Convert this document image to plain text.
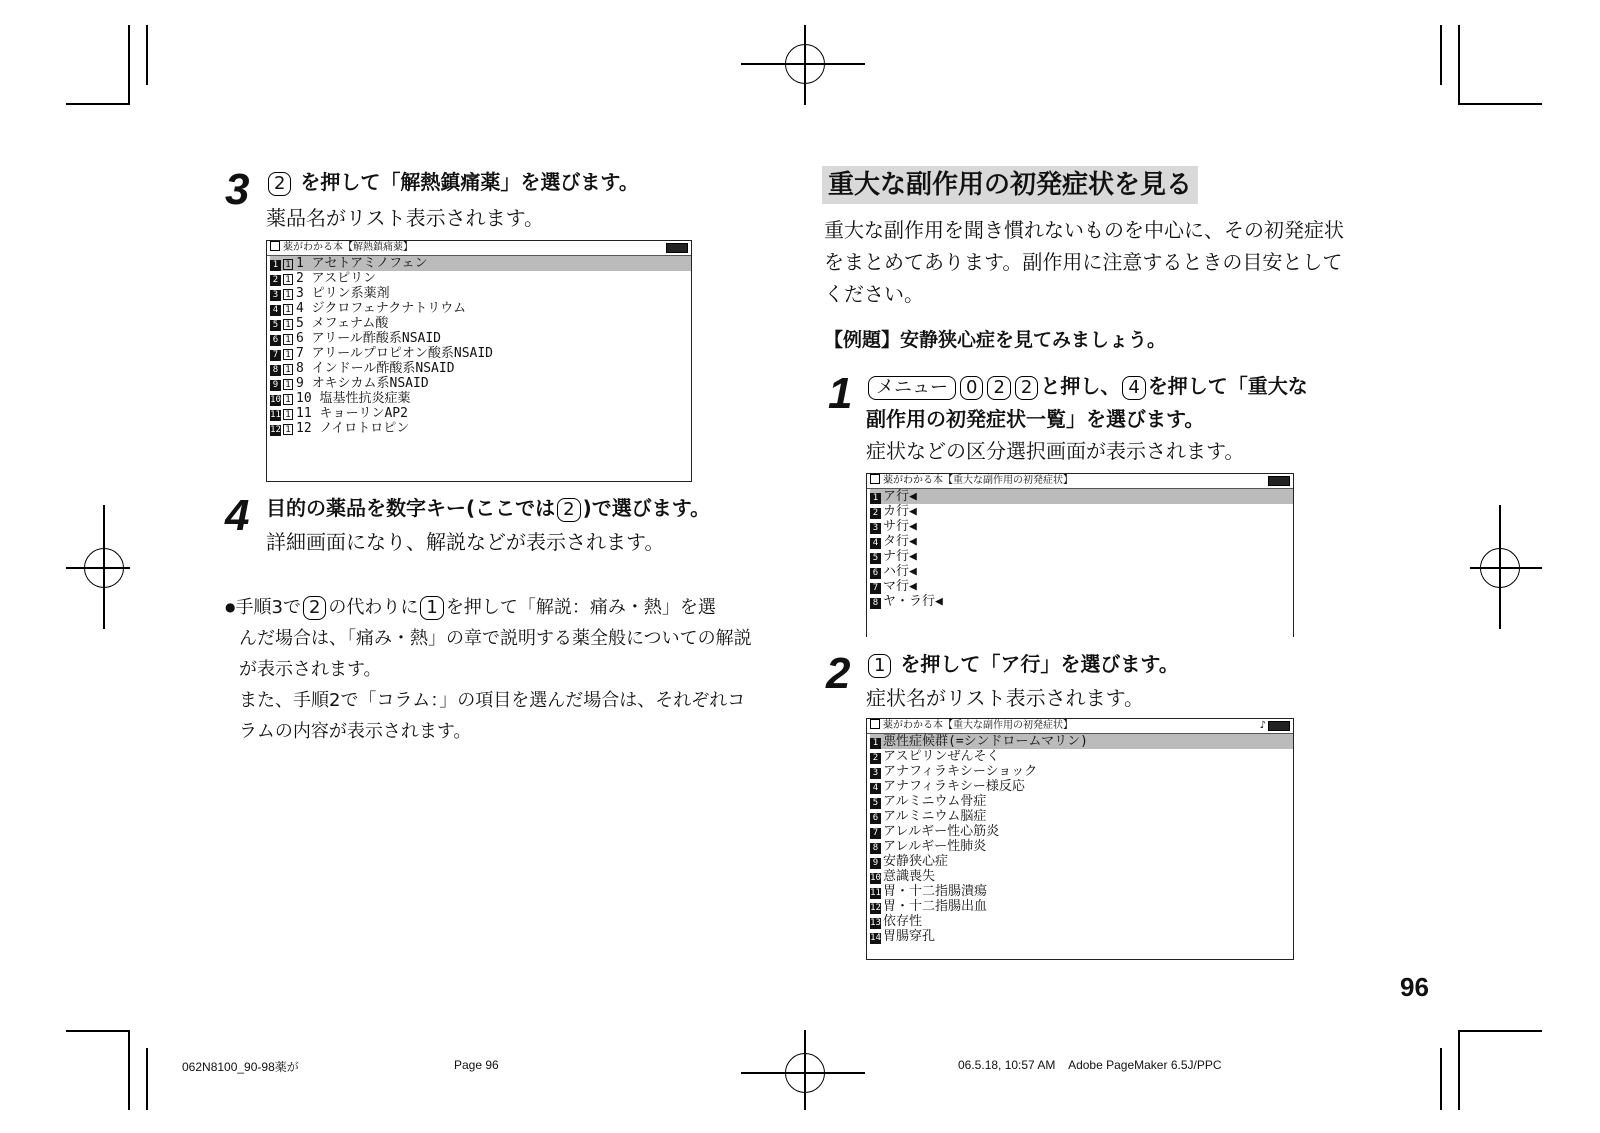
3	2 を押して「解熱鎮痛薬」を選びます。
薬品名がリスト表示されます。
薬がわかる本【解熱鎮痛薬】
1 1 1 アセトアミノフェン
2 1 2 アスピリン
3 1 3 ピリン系薬剤
4 1 4 ジクロフェナクナトリウム
5 1 5 メフェナム酸
6 1 6 アリール酢酸系NSAID
7 1 7 アリールプロピオン酸系NSAID
8 1 8 インドール酢酸系NSAID
9 1 9 オキシカム系NSAID
10 1 10 塩基性抗炎症薬
11 1 11 キョーリンAP2
12 1 12 ノイロトロピン
4 目的の薬品を数字キー(ここでは 2 )で選びます。
詳細画面になり、解説などが表示されます。
●手順3で 2 の代わりに 1 を押して「解説：痛み・熱」を選
んだ場合は、「痛み・熱」の章で説明する薬全般についての解説
が表示されます。
また、手順2で「コラム：」の項目を選んだ場合は、それぞれコ
ラムの内容が表示されます。
重大な副作用の初発症状を見る
重大な副作用を聞き慣れないものを中心に、その初発症状
をまとめてあります。副作用に注意するときの目安として
ください。
【例題】安静狭心症を見てみましょう。
1	メニュー 0 2 2 と押し、 4 を押して「重大な
副作用の初発症状一覧」を選びます。
症状などの区分選択画面が表示されます。
薬がわかる本【重大な副作用の初発症状】
1 ア行◀
2 カ行◀
3 サ行◀
4 タ行◀
5 ナ行◀
6 ハ行◀
7 マ行◀
8 ヤ・ラ行◀
2	1 を押して「ア行」を選びます。
症状名がリスト表示されます。
薬がわかる本【重大な副作用の初発症状】	♪
1 悪性症候群(=シンドロームマリン)
2 アスピリンぜんそく
3 アナフィラキシーショック
4 アナフィラキシー様反応
5 アルミニウム骨症
6 アルミニウム脳症
7 アレルギー性心筋炎
8 アレルギー性肺炎
9 安静狭心症
10 意識喪失
11 胃・十二指腸潰瘍
12 胃・十二指腸出血
13 依存性
14 胃腸穿孔
96
062N8100_90-98薬が	Page 96	06.5.18, 10:57 AM    Adobe PageMaker 6.5J/PPC
